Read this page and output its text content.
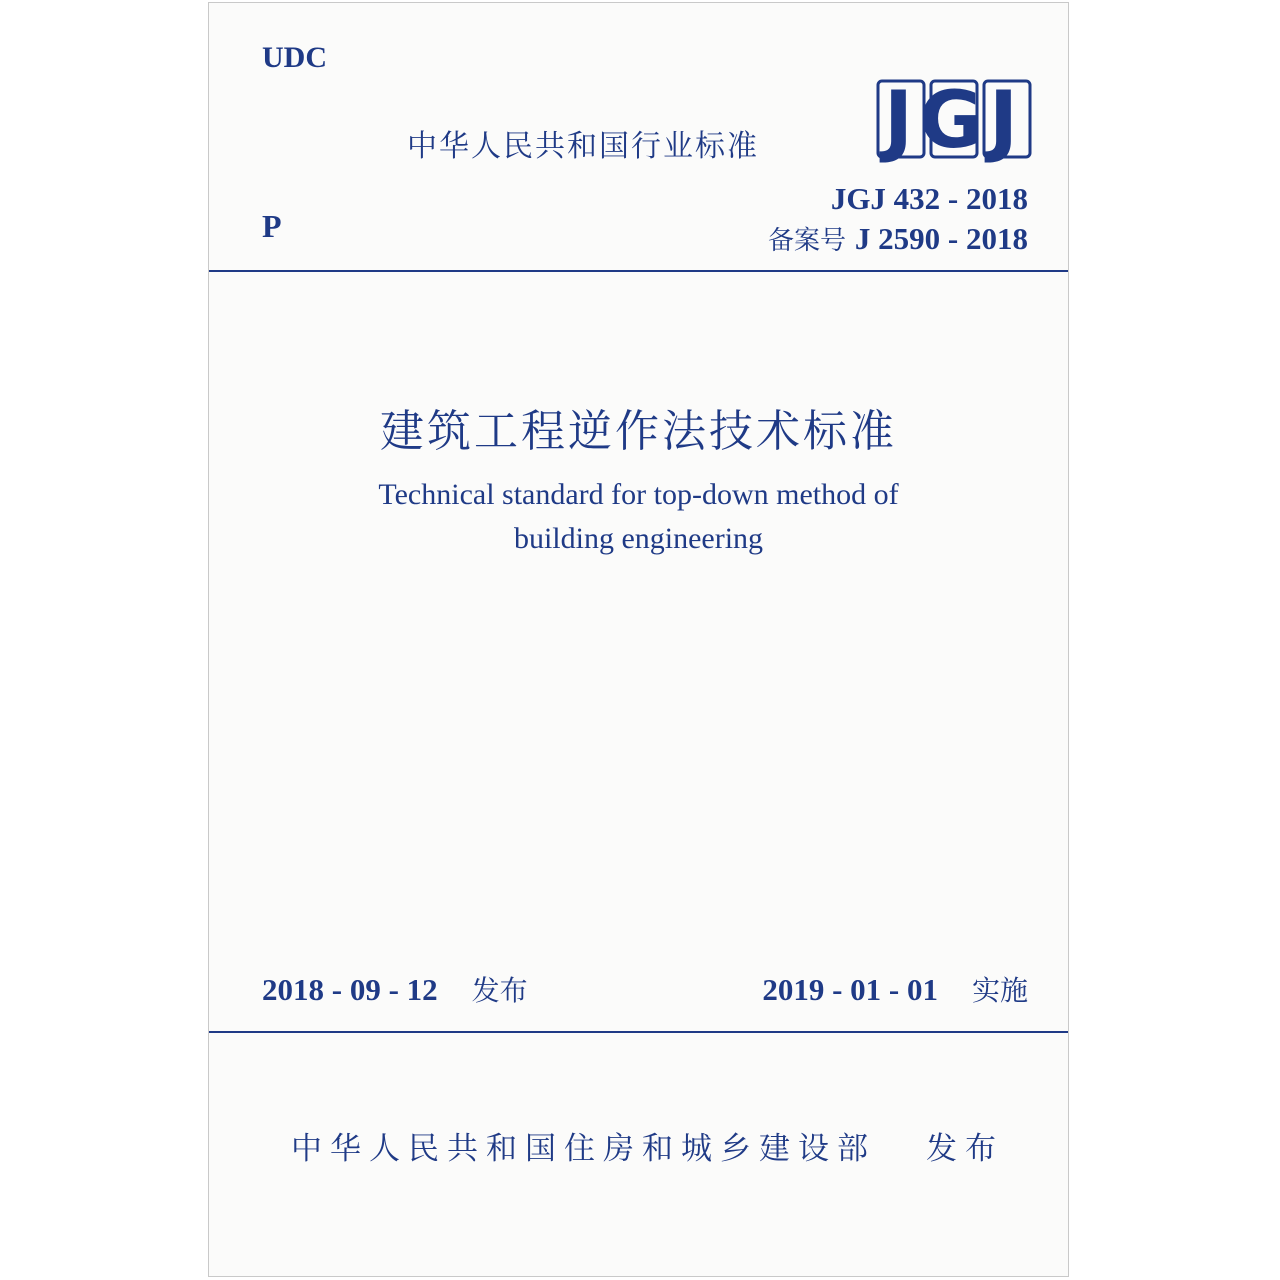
UDC
P
中华人民共和国行业标准 JGJ
JGJ 432 - 2018
备案号 J 2590 - 2018
建筑工程逆作法技术标准
Technical standard for top-down method of
building engineering
2018 - 09 - 12 发布	2019 - 01 - 01 实施
中华人民共和国住房和城乡建设部 发布
